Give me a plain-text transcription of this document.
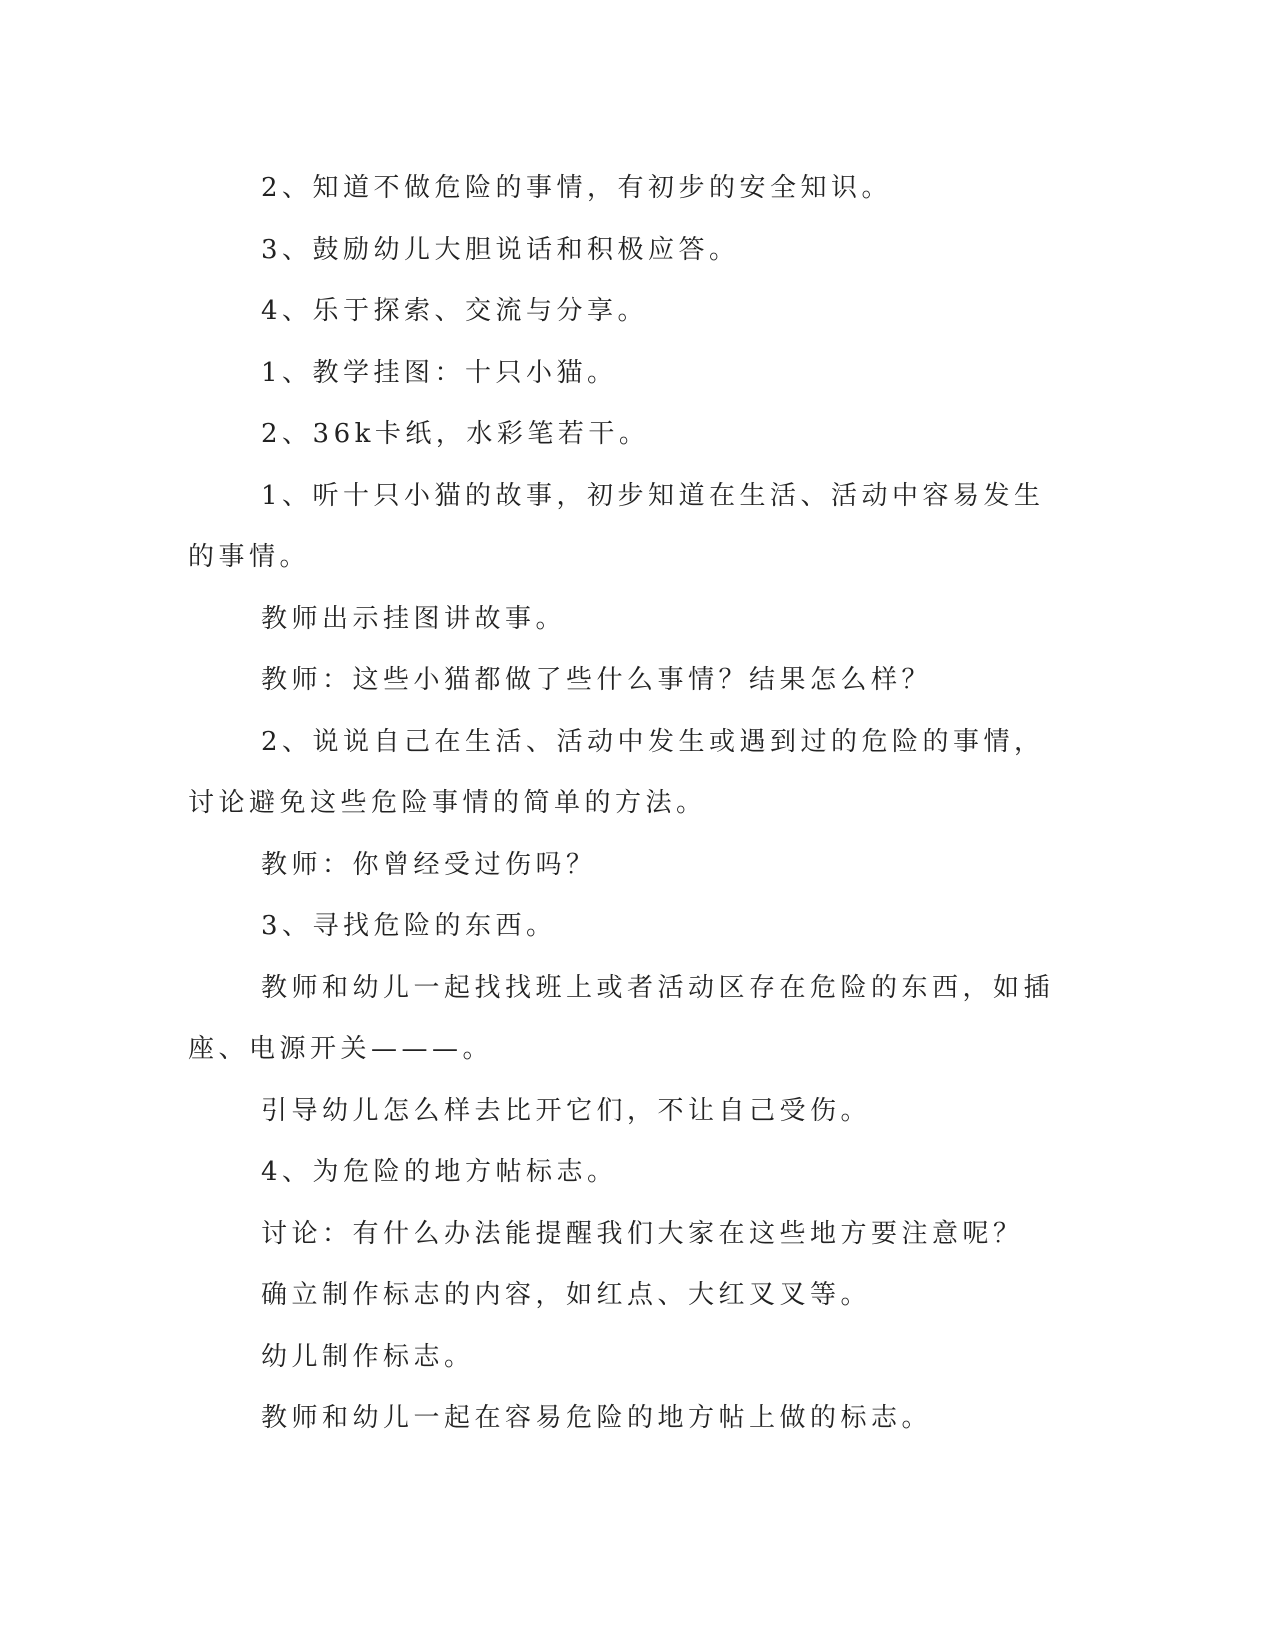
2、知道不做危险的事情，有初步的安全知识。

3、鼓励幼儿大胆说话和积极应答。

4、乐于探索、交流与分享。

1、教学挂图：十只小猫。

2、36k卡纸，水彩笔若干。

1、听十只小猫的故事，初步知道在生活、活动中容易发生的事情。

教师出示挂图讲故事。

教师：这些小猫都做了些什么事情？结果怎么样？

2、说说自己在生活、活动中发生或遇到过的危险的事情，讨论避免这些危险事情的简单的方法。

教师：你曾经受过伤吗？

3、寻找危险的东西。

教师和幼儿一起找找班上或者活动区存在危险的东西，如插座、电源开关———。

引导幼儿怎么样去比开它们，不让自己受伤。

4、为危险的地方帖标志。

讨论：有什么办法能提醒我们大家在这些地方要注意呢？

确立制作标志的内容，如红点、大红叉叉等。

幼儿制作标志。

教师和幼儿一起在容易危险的地方帖上做的标志。
